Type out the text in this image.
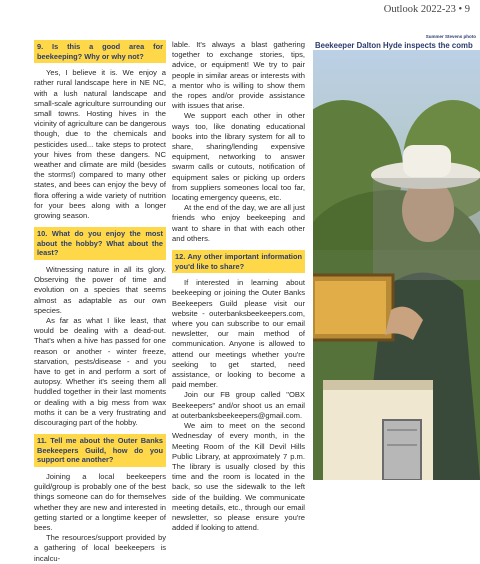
Outlook 2022-23 • 9
9. Is this a good area for beekeeping? Why or why not?

Yes, I believe it is. We enjoy a rather rural landscape here in NE NC, with a lush natural landscape and small-scale agriculture surrounding our small towns. Hosting hives in the vicinity of agriculture can be dangerous though, due to the chemicals and pesticides used... take steps to protect your hives from these dangers. NC weather and climate are mild (besides the storms!) compared to many other states, and bees can enjoy the bevy of flora offering a wide variety of nutrition for your bees along with a longer growing season.

10. What do you enjoy the most about the hobby? What about the least?

Witnessing nature in all its glory. Observing the power of time and evolution on a species that seems almost as adaptable as our own species.

As far as what I like least, that would be dealing with a dead-out. That's when a hive has passed for one reason or another - winter freeze, starvation, pests/disease - and you have to get in and perform a sort of autopsy. Whether it's seeing them all huddled together in their last moments or dealing with a big mess from wax moths it can be a very frustrating and discouraging part of the hobby.

11. Tell me about the Outer Banks Beekeepers Guild, how do you support one another?

Joining a local beekeepers guild/group is probably one of the best things someone can do for themselves whether they are new and interested in getting started or a longtime keeper of bees.

The resources/support provided by a gathering of local beekeepers is incalcu-

lable. It's always a blast gathering together to exchange stories, tips, advice, or equipment! We try to pair people in similar areas or interests with a mentor who is willing to show them the ropes and/or provide assistance with issues that arise.

We support each other in other ways too, like donating educational books into the library system for all to share, sharing/lending expensive equipment, networking to answer swarm calls or cutouts, notification of equipment sales or picking up orders from suppliers someones local too far, locating emergency queens, etc.

At the end of the day, we are all just friends who enjoy beekeeping and want to share in that with each other and others.

12. Any other important information you'd like to share?

If interested in learning about beekeeping or joining the Outer Banks Beekeepers Guild please visit our website - outerbanksbeekeepers.com, where you can subscribe to our email newsletter, our main method of communication. Anyone is allowed to attend our meetings whether you're seeking to get started, need assistance, or looking to become a paid member.

Join our FB group called "OBX Beekeepers" and/or shoot us an email at outerbanksbeekeepers@gmail.com.

We aim to meet on the second Wednesday of every month, in the Meeting Room of the Kill Devil Hills Public Library, at approximately 7 p.m. The library is usually closed by this time and the room is located in the back, so use the sidewalk to the left side of the building. We communicate meeting details, etc., through our email newsletter, so please ensure you're added if looking to attend.

Summer Stevens photo
Beekeeper Dalton Hyde inspects the comb
